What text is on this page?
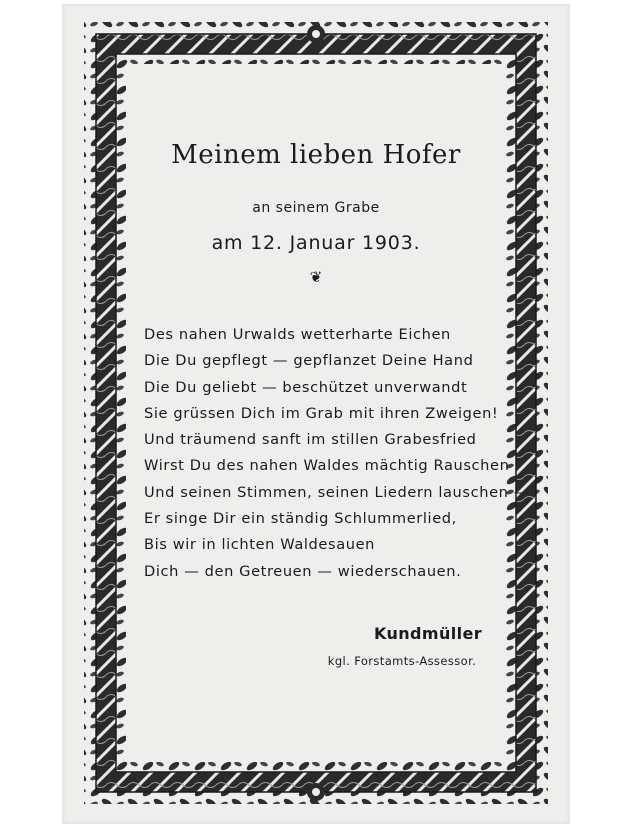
Meinem lieben Hofer
an seinem Grabe
am 12. Januar 1903.
❦
Des nahen Urwalds wetterharte Eichen
Die Du gepflegt — gepflanzet Deine Hand
Die Du geliebt — beschützet unverwandt
Sie grüssen Dich im Grab mit ihren Zweigen!
Und träumend sanft im stillen Grabesfried
Wirst Du des nahen Waldes mächtig Rauschen
Und seinen Stimmen, seinen Liedern lauschen —
Er singe Dir ein ständig Schlummerlied,
Bis wir in lichten Waldesauen
Dich — den Getreuen — wiederschauen.
Kundmüller
kgl. Forstamts-Assessor.
